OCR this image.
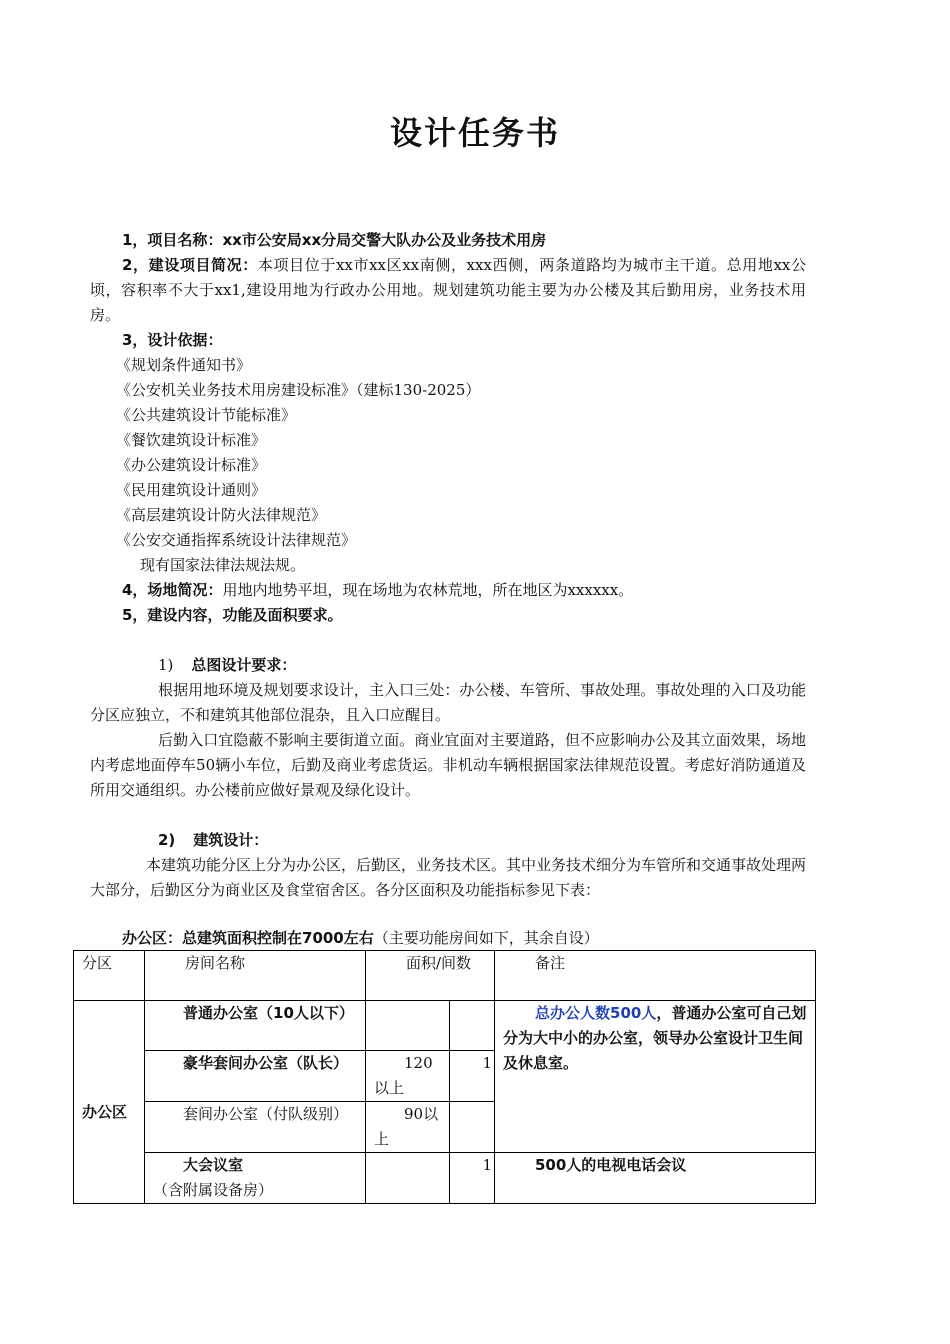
设计任务书
1，项目名称：xx市公安局xx分局交警大队办公及业务技术用房
2，建设项目简况：本项目位于xx市xx区xx南侧，xxx西侧，两条道路均为城市主干道。总用地xx公顷，容积率不大于xx1,建设用地为行政办公用地。规划建筑功能主要为办公楼及其后勤用房，业务技术用房。
3，设计依据：
《规划条件通知书》
《公安机关业务技术用房建设标准》（建标130-2025）
《公共建筑设计节能标准》
《餐饮建筑设计标准》
《办公建筑设计标准》
《民用建筑设计通则》
《高层建筑设计防火法律规范》
《公安交通指挥系统设计法律规范》
现有国家法律法规法规。
4，场地简况：用地内地势平坦，现在场地为农林荒地，所在地区为xxxxxx。
5，建设内容，功能及面积要求。
1) 总图设计要求：
根据用地环境及规划要求设计，主入口三处：办公楼、车管所、事故处理。事故处理的入口及功能分区应独立，不和建筑其他部位混杂，且入口应醒目。
后勤入口宜隐蔽不影响主要街道立面。商业宜面对主要道路，但不应影响办公及其立面效果，场地内考虑地面停车50辆小车位，后勤及商业考虑货运。非机动车辆根据国家法律规范设置。考虑好消防通道及所用交通组织。办公楼前应做好景观及绿化设计。
2) 建筑设计：
本建筑功能分区上分为办公区，后勤区，业务技术区。其中业务技术细分为车管所和交通事故处理两大部分，后勤区分为商业区及食堂宿舍区。各分区面积及功能指标参见下表：
办公区：总建筑面积控制在7000左右（主要功能房间如下，其余自设）
分区	房间名称	面积/间数		备注
办公区	普通办公室（10人以下）			总办公人数500人，普通办公室可自己划分为大中小的办公室，领导办公室设计卫生间及休息室。
	豪华套间办公室（队长）	120以上	1	
	套间办公室（付队级别）	90以上		
	大会议室（含附属设备房）		1	500人的电视电话会议
